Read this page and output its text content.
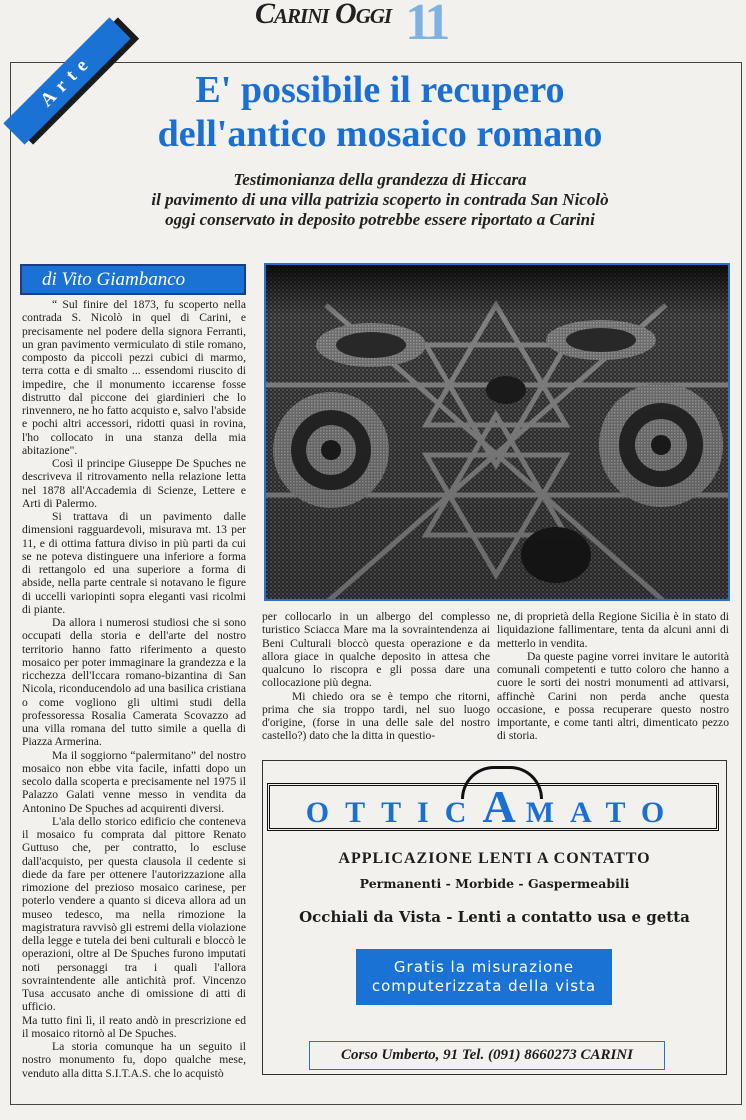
Carini Oggi 11
Arte	E' possibile il recupero
dell'antico mosaico romano
Testimonianza della grandezza di Hiccara
il pavimento di una villa patrizia scoperto in contrada San Nicolò
oggi conservato in deposito potrebbe essere riportato a Carini
di Vito Giambanco

“ Sul finire del 1873, fu scoperto nella contrada S. Nicolò in quel di Carini, e precisamente nel podere della signora Ferranti, un gran pavimento vermiculato di stile romano, composto da piccoli pezzi cubici di marmo, terra cotta e di smalto ... essendomi riuscito di impedire, che il monumento iccarense fosse distrutto dal piccone dei giardinieri che lo rinvennero, ne ho fatto acquisto e, salvo l'abside e pochi altri accessori, ridotti quasi in rovina, l'ho collocato in una stanza della mia abitazione".

Così il principe Giuseppe De Spuches ne descriveva il ritrovamento nella relazione letta nel 1878 all'Accademia di Scienze, Lettere e Arti di Palermo.

Si trattava di un pavimento dalle dimensioni ragguardevoli, misurava mt. 13 per 11, e di ottima fattura diviso in più parti da cui se ne poteva distinguere una inferiore a forma di rettangolo ed una superiore a forma di abside, nella parte centrale si notavano le figure di uccelli variopinti sopra eleganti vasi ricolmi di piante.

Da allora i numerosi studiosi che si sono occupati della storia e dell'arte del nostro territorio hanno fatto riferimento a questo mosaico per poter immaginare la grandezza e la ricchezza dell'Iccara romano-bizantina di San Nicola, riconducendolo ad una basilica cristiana o come vogliono gli ultimi studi della professoressa Rosalia Camerata Scovazzo ad una villa romana del tutto simile a quella di Piazza Armerina.

Ma il soggiorno “palermitano” del nostro mosaico non ebbe vita facile, infatti dopo un secolo dalla scoperta e precisamente nel 1975 il Palazzo Galati venne messo in vendita da Antonino De Spuches ad acquirenti diversi.

L'ala dello storico edificio che conteneva il mosaico fu comprata dal pittore Renato Guttuso che, per contratto, lo escluse dall'acquisto, per questa clausola il cedente si diede da fare per ottenere l'autorizzazione alla rimozione del prezioso mosaico carinese, per poterlo vendere a quanto si diceva allora ad un museo tedesco, ma nella rimozione la magistratura ravvisò gli estremi della violazione della legge e tutela dei beni culturali e bloccò le operazioni, oltre al De Spuches furono imputati noti personaggi tra i quali l'allora sovraintendente alle antichità prof. Vincenzo Tusa accusato anche di omissione di atti di ufficio.

Ma tutto finì lì, il reato andò in prescrizione ed il mosaico ritornò al De Spuches.

La storia comunque ha un seguito il nostro monumento fu, dopo qualche mese, venduto alla ditta S.I.T.A.S. che lo acquistò

per collocarlo in un albergo del complesso turistico Sciacca Mare ma la sovraintendenza ai Beni Culturali bloccò questa operazione e da allora giace in qualche deposito in attesa che qualcuno lo riscopra e gli possa dare una collocazione più degna.

Mi chiedo ora se è tempo che ritorni, prima che sia troppo tardi, nel suo luogo d'origine, (forse in una delle sale del nostro castello?) dato che la ditta in questio-

ne, di proprietà della Regione Sicilia è in stato di liquidazione fallimentare, tenta da alcuni anni di metterlo in vendita.

Da queste pagine vorrei invitare le autorità comunali competenti e tutto coloro che hanno a cuore le sorti dei nostri monumenti ad attivarsi, affinchè Carini non perda anche questa occasione, e possa recuperare questo nostro importante, e come tanti altri, dimenticato pezzo di storia.

OTTICAMATO
APPLICAZIONE LENTI A CONTATTO
Permanenti - Morbide - Gaspermeabili
Occhiali da Vista - Lenti a contatto usa e getta
Gratis la misurazione
computerizzata della vista
Corso Umberto, 91 Tel. (091) 8660273 CARINI
